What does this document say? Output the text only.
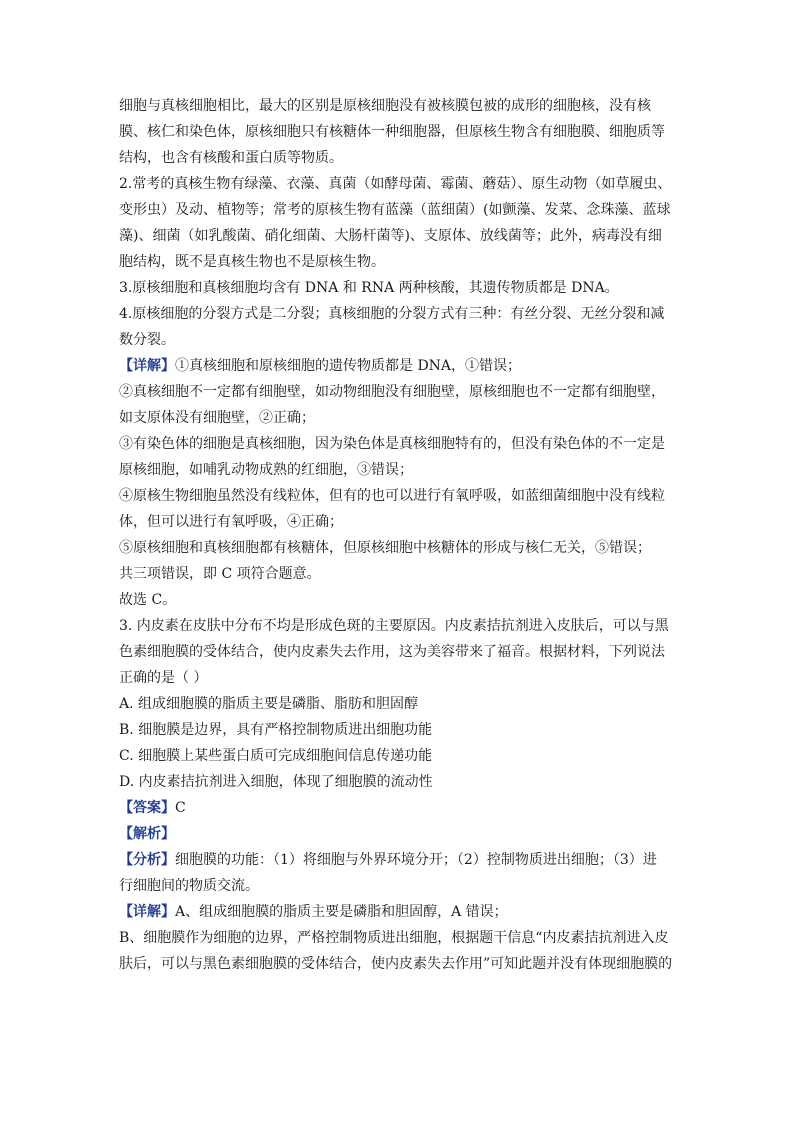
细胞与真核细胞相比，最大的区别是原核细胞没有被核膜包被的成形的细胞核，没有核
膜、核仁和染色体，原核细胞只有核糖体一种细胞器，但原核生物含有细胞膜、细胞质等
结构，也含有核酸和蛋白质等物质。
2.常考的真核生物有绿藻、衣藻、真菌（如酵母菌、霉菌、蘑菇）、原生动物（如草履虫、
变形虫）及动、植物等；常考的原核生物有蓝藻（蓝细菌）(如颤藻、发菜、念珠藻、蓝球
藻)、细菌（如乳酸菌、硝化细菌、大肠杆菌等)、支原体、放线菌等；此外，病毒没有细
胞结构，既不是真核生物也不是原核生物。
3.原核细胞和真核细胞均含有 DNA 和 RNA 两种核酸，其遗传物质都是 DNA。
4.原核细胞的分裂方式是二分裂；真核细胞的分裂方式有三种：有丝分裂、无丝分裂和减
数分裂。
【详解】①真核细胞和原核细胞的遗传物质都是 DNA，①错误；
②真核细胞不一定都有细胞壁，如动物细胞没有细胞壁，原核细胞也不一定都有细胞壁，
如支原体没有细胞壁，②正确；
③有染色体的细胞是真核细胞，因为染色体是真核细胞特有的，但没有染色体的不一定是
原核细胞，如哺乳动物成熟的红细胞，③错误；
④原核生物细胞虽然没有线粒体，但有的也可以进行有氧呼吸，如蓝细菌细胞中没有线粒
体，但可以进行有氧呼吸，④正确；
⑤原核细胞和真核细胞都有核糖体，但原核细胞中核糖体的形成与核仁无关，⑤错误；
共三项错误，即 C 项符合题意。
故选 C。
3. 内皮素在皮肤中分布不均是形成色斑的主要原因。内皮素拮抗剂进入皮肤后，可以与黑
色素细胞膜的受体结合，使内皮素失去作用，这为美容带来了福音。根据材料，下列说法
正确的是（ ）
A. 组成细胞膜的脂质主要是磷脂、脂肪和胆固醇
B. 细胞膜是边界，具有严格控制物质进出细胞功能
C. 细胞膜上某些蛋白质可完成细胞间信息传递功能
D. 内皮素拮抗剂进入细胞，体现了细胞膜的流动性
【答案】C
【解析】
【分析】细胞膜的功能：（1）将细胞与外界环境分开；（2）控制物质进出细胞；（3）进
行细胞间的物质交流。
【详解】A、组成细胞膜的脂质主要是磷脂和胆固醇，A 错误；
B、细胞膜作为细胞的边界，严格控制物质进出细胞，根据题干信息“内皮素拮抗剂进入皮
肤后，可以与黑色素细胞膜的受体结合，使内皮素失去作用”可知此题并没有体现细胞膜的
